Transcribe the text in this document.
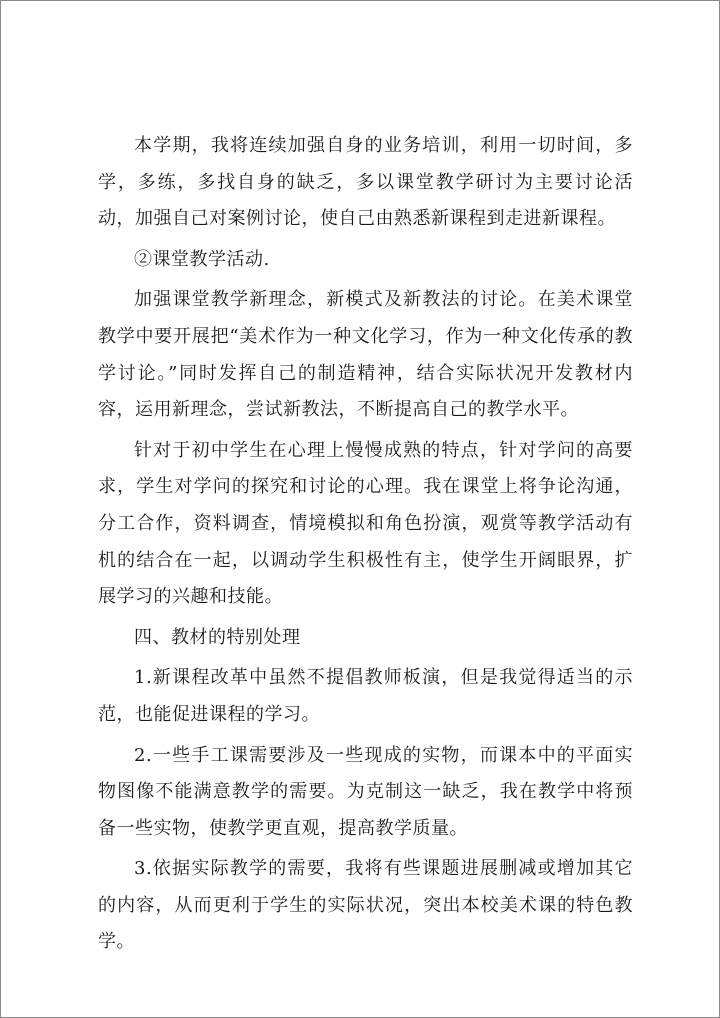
本学期，我将连续加强自身的业务培训，利用一切时间，多学，多练，多找自身的缺乏，多以课堂教学研讨为主要讨论活动，加强自己对案例讨论，使自己由熟悉新课程到走进新课程。

②课堂教学活动.

加强课堂教学新理念，新模式及新教法的讨论。在美术课堂教学中要开展把“美术作为一种文化学习，作为一种文化传承的教学讨论。”同时发挥自己的制造精神，结合实际状况开发教材内容，运用新理念，尝试新教法，不断提高自己的教学水平。

针对于初中学生在心理上慢慢成熟的特点，针对学问的高要求，学生对学问的探究和讨论的心理。我在课堂上将争论沟通，分工合作，资料调查，情境模拟和角色扮演，观赏等教学活动有机的结合在一起，以调动学生积极性有主，使学生开阔眼界，扩展学习的兴趣和技能。

四、教材的特别处理

1.新课程改革中虽然不提倡教师板演，但是我觉得适当的示范，也能促进课程的学习。

2.一些手工课需要涉及一些现成的实物，而课本中的平面实物图像不能满意教学的需要。为克制这一缺乏，我在教学中将预备一些实物，使教学更直观，提高教学质量。

3.依据实际教学的需要，我将有些课题进展删减或增加其它的内容，从而更利于学生的实际状况，突出本校美术课的特色教学。
